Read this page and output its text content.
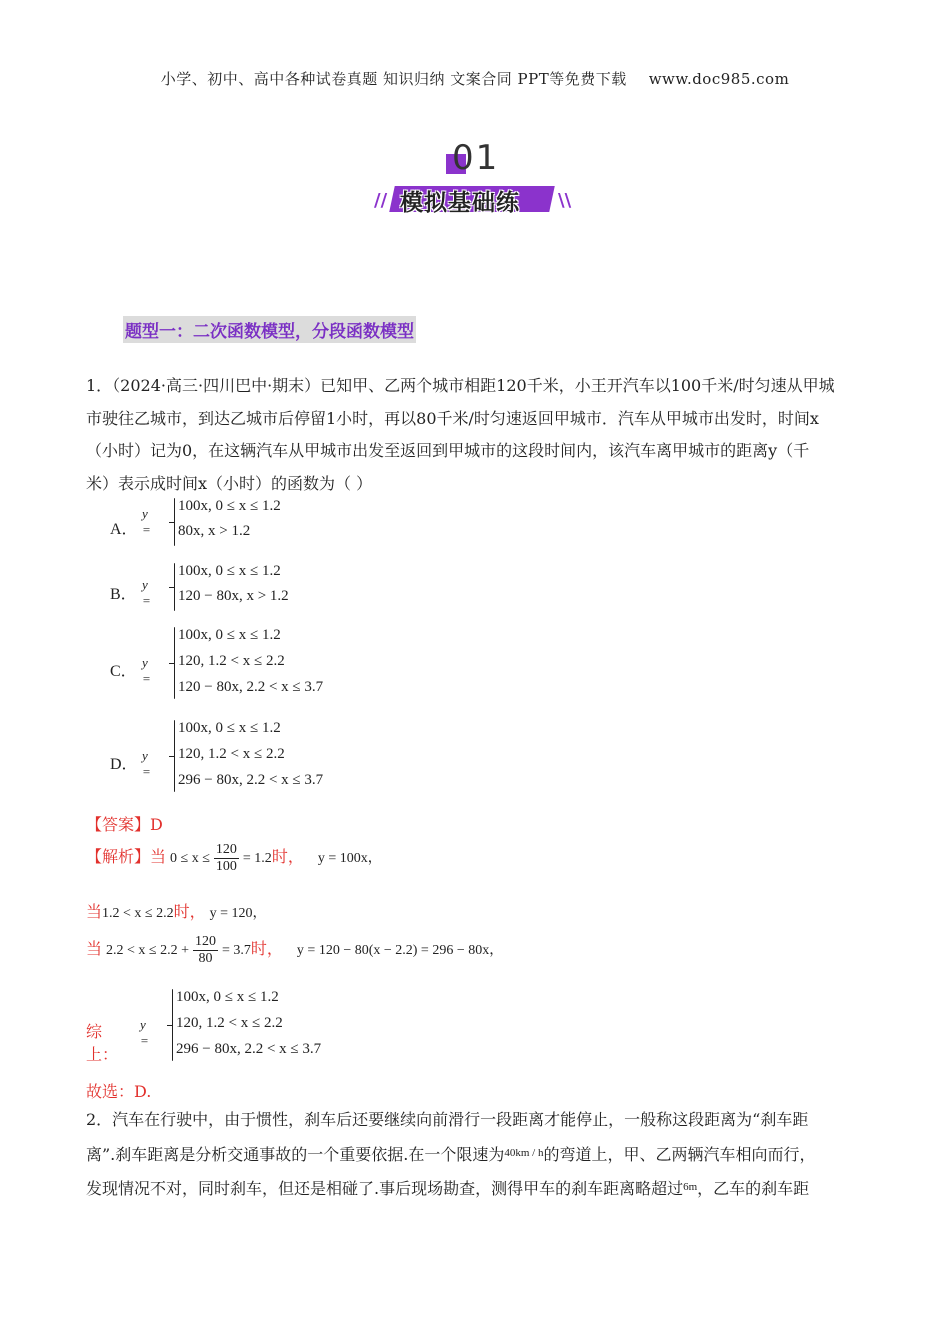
小学、初中、高中各种试卷真题 知识归纳 文案合同 PPT等免费下载 www.doc985.com
01
// 模拟基础练 \\
题型一：二次函数模型，分段函数模型
1．（2024·高三·四川巴中·期末）已知甲、乙两个城市相距120千米，小王开汽车以100千米/时匀速从甲城
市驶往乙城市，到达乙城市后停留1小时，再以80千米/时匀速返回甲城市．汽车从甲城市出发时，时间x
（小时）记为0，在这辆汽车从甲城市出发至返回到甲城市的这段时间内，该汽车离甲城市的距离y（千
米）表示成时间x（小时）的函数为（ ）
A．
y =
100x, 0 ≤ x ≤ 1.2
80x, x > 1.2
B．
y =
100x, 0 ≤ x ≤ 1.2
120 − 80x, x > 1.2
C．
y =
100x, 0 ≤ x ≤ 1.2
120, 1.2 < x ≤ 2.2
120 − 80x, 2.2 < x ≤ 3.7
D．
y =
100x, 0 ≤ x ≤ 1.2
120, 1.2 < x ≤ 2.2
296 − 80x, 2.2 < x ≤ 3.7
【答案】D
【解析】当 $0 \le x \le \frac{120}{100} = 1.2$时， y = 100x，
当1.2 < x ≤ 2.2时， y = 120，
当 $2.2 < x \le 2.2 + \frac{120}{80} = 3.7$时， y = 120 − 80(x − 2.2) = 296 − 80x，
综上：
y =
100x, 0 ≤ x ≤ 1.2
120, 1.2 < x ≤ 2.2
296 − 80x, 2.2 < x ≤ 3.7
故选：D.
2．汽车在行驶中，由于惯性，刹车后还要继续向前滑行一段距离才能停止，一般称这段距离为“刹车距
离”.刹车距离是分析交通事故的一个重要依据.在一个限速为$^{40km / h}$的弯道上，甲、乙两辆汽车相向而行，
发现情况不对，同时刹车，但还是相碰了.事后现场勘查，测得甲车的刹车距离略超过$^{6m}$，乙车的刹车距
